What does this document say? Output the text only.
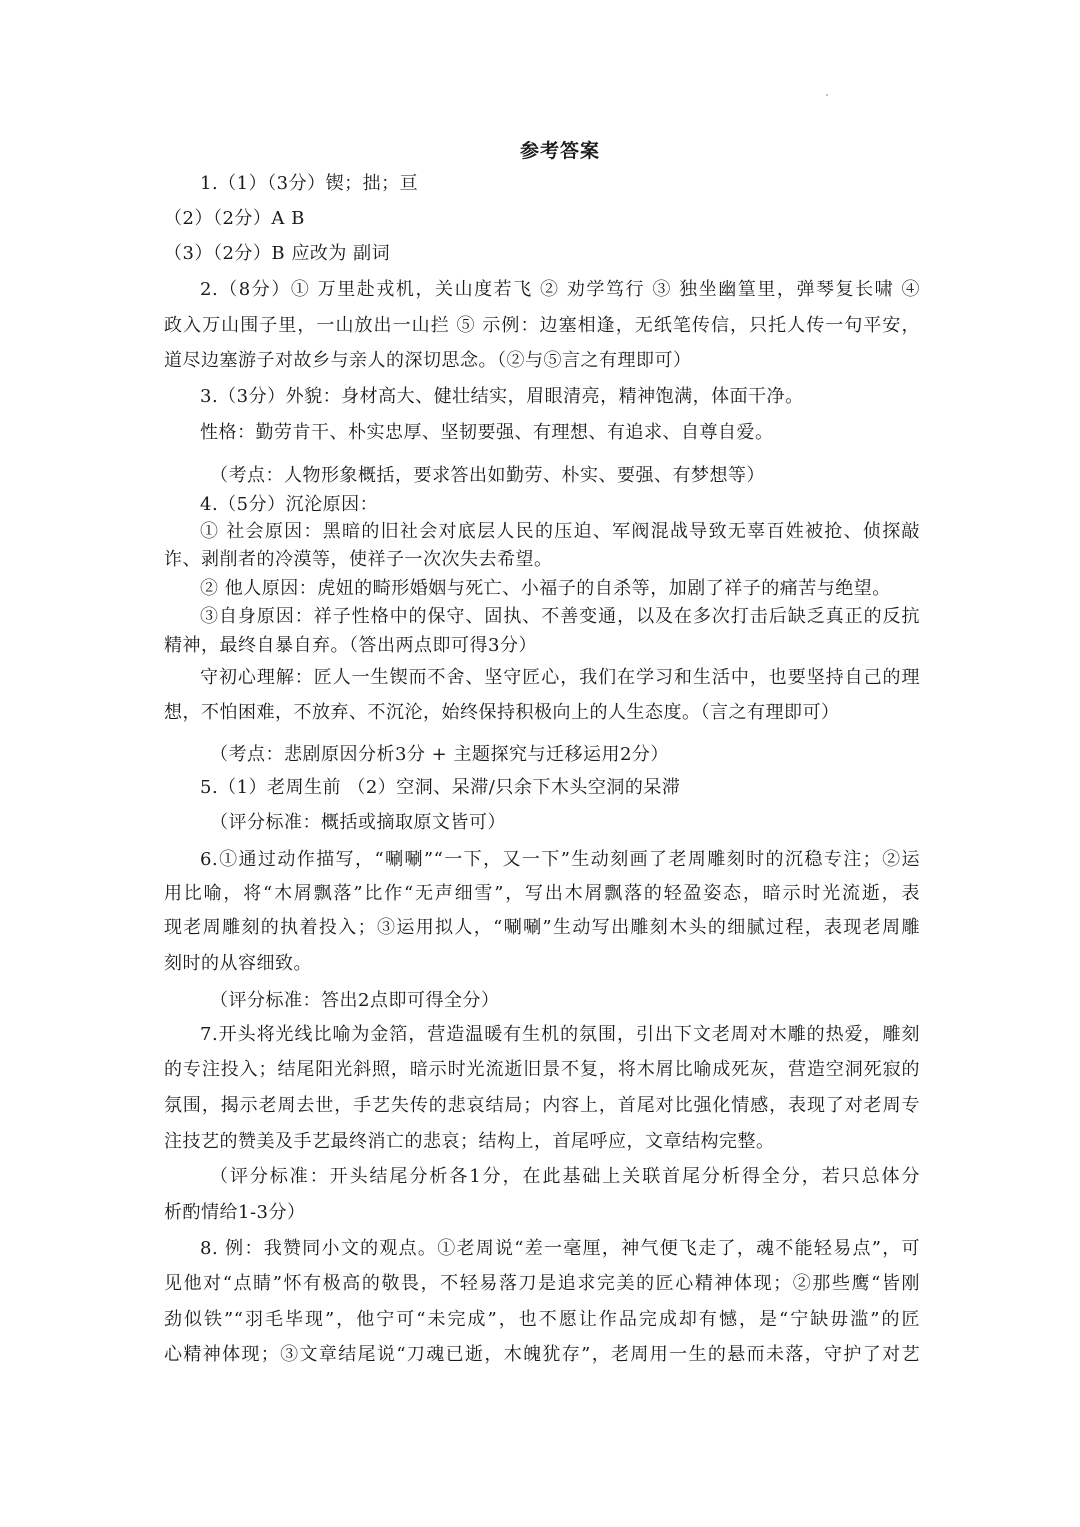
参考答案
1.（1）（3分）锲；拙；亘
（2）（2分）A B
（3）（2分）B 应改为 副词
2.（8分）① 万里赴戎机，关山度若飞 ② 劝学笃行 ③ 独坐幽篁里，弹琴复长啸 ④
政入万山围子里，一山放出一山拦 ⑤ 示例：边塞相逢，无纸笔传信，只托人传一句平安，
道尽边塞游子对故乡与亲人的深切思念。（②与⑤言之有理即可）
3.（3分）外貌：身材高大、健壮结实，眉眼清亮，精神饱满，体面干净。
性格：勤劳肯干、朴实忠厚、坚韧要强、有理想、有追求、自尊自爱。
（考点：人物形象概括，要求答出如勤劳、朴实、要强、有梦想等）
4.（5分）沉沦原因：
① 社会原因：黑暗的旧社会对底层人民的压迫、军阀混战导致无辜百姓被抢、侦探敲
诈、剥削者的冷漠等，使祥子一次次失去希望。
② 他人原因：虎妞的畸形婚姻与死亡、小福子的自杀等，加剧了祥子的痛苦与绝望。
③自身原因：祥子性格中的保守、固执、不善变通，以及在多次打击后缺乏真正的反抗
精神，最终自暴自弃。（答出两点即可得3分）
守初心理解：匠人一生锲而不舍、坚守匠心，我们在学习和生活中，也要坚持自己的理
想，不怕困难，不放弃、不沉沦，始终保持积极向上的人生态度。（言之有理即可）
（考点：悲剧原因分析3分 + 主题探究与迁移运用2分）
5.（1）老周生前 （2）空洞、呆滞/只余下木头空洞的呆滞
（评分标准：概括或摘取原文皆可）
6.①通过动作描写，“唰唰”“一下，又一下”生动刻画了老周雕刻时的沉稳专注；②运
用比喻，将“木屑飘落”比作“无声细雪”，写出木屑飘落的轻盈姿态，暗示时光流逝，表
现老周雕刻的执着投入；③运用拟人，“唰唰”生动写出雕刻木头的细腻过程，表现老周雕
刻时的从容细致。
（评分标准：答出2点即可得全分）
7.开头将光线比喻为金箔，营造温暖有生机的氛围，引出下文老周对木雕的热爱，雕刻
的专注投入；结尾阳光斜照，暗示时光流逝旧景不复，将木屑比喻成死灰，营造空洞死寂的
氛围，揭示老周去世，手艺失传的悲哀结局；内容上，首尾对比强化情感，表现了对老周专
注技艺的赞美及手艺最终消亡的悲哀；结构上，首尾呼应，文章结构完整。
（评分标准：开头结尾分析各1分，在此基础上关联首尾分析得全分，若只总体分
析酌情给1-3分）
8. 例：我赞同小文的观点。①老周说“差一毫厘，神气便飞走了，魂不能轻易点”，可
见他对“点睛”怀有极高的敬畏，不轻易落刀是追求完美的匠心精神体现；②那些鹰“皆刚
劲似铁”“羽毛毕现”，他宁可“未完成”，也不愿让作品完成却有憾，是“宁缺毋滥”的匠
心精神体现；③文章结尾说“刀魂已逝，木魄犹存”，老周用一生的悬而未落，守护了对艺
